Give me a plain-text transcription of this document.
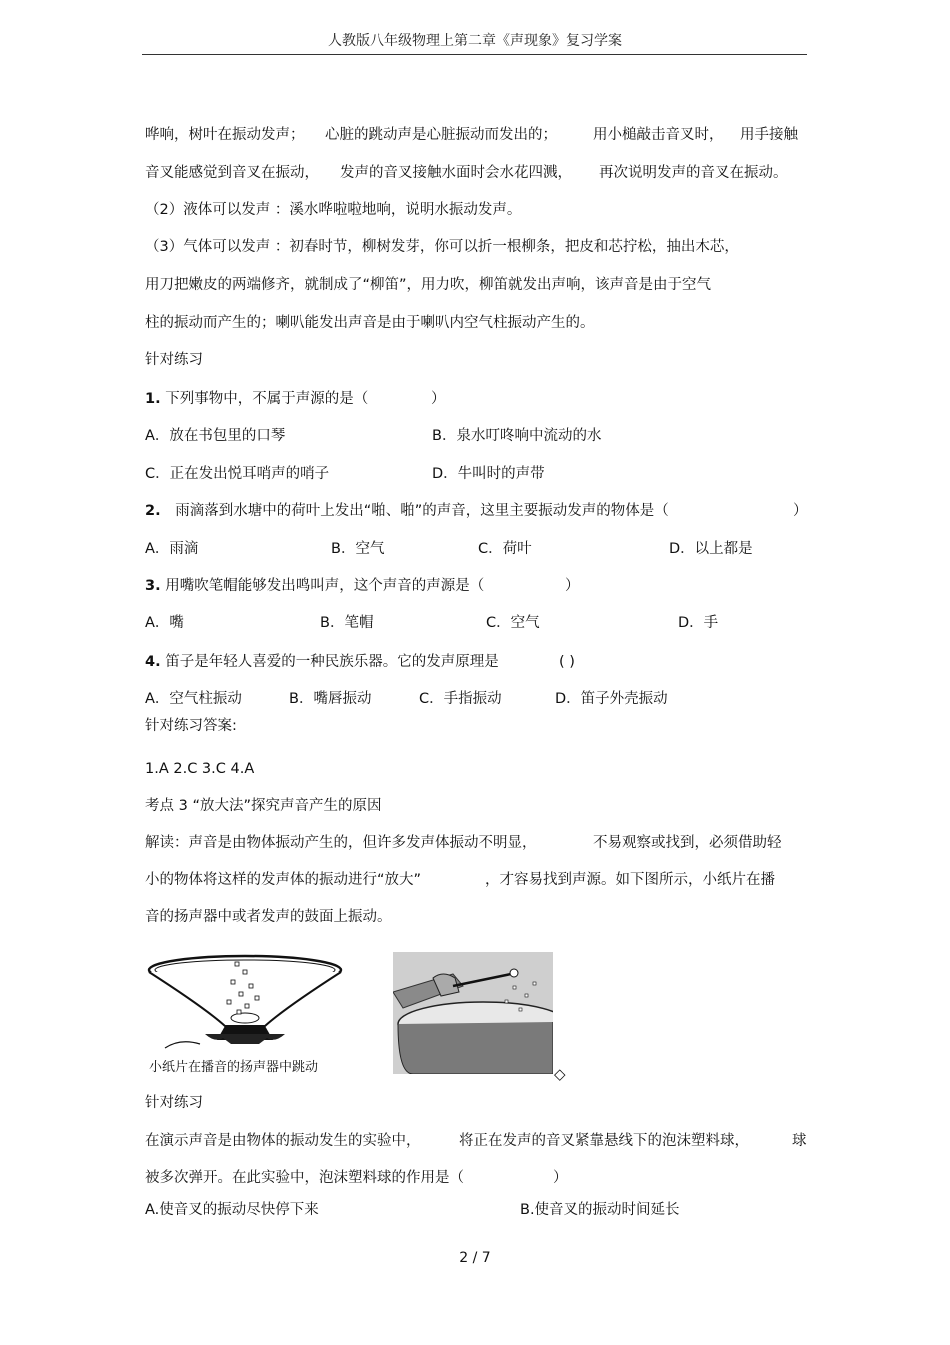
人教版八年级物理上第二章《声现象》复习学案
哗响，树叶在振动发声； 心脏的跳动声是心脏振动而发出的； 用小槌敲击音叉时， 用手接触
音叉能感觉到音叉在振动， 发声的音叉接触水面时会水花四溅， 再次说明发声的音叉在振动。
（2）液体可以发声 ：溪水哗啦啦地响，说明水振动发声。
（3）气体可以发声 ：初春时节，柳树发芽，你可以折一根柳条，把皮和芯拧松，抽出木芯，
用刀把嫩皮的两端修齐，就制成了“柳笛”，用力吹，柳笛就发出声响，该声音是由于空气
柱的振动而产生的；喇叭能发出声音是由于喇叭内空气柱振动产生的。
针对练习
1. 下列事物中，不属于声源的是（	）
A．放在书包里的口琴	B．泉水叮咚响中流动的水
C．正在发出悦耳哨声的哨子	D．牛叫时的声带
2. 雨滴落到水塘中的荷叶上发出“啪、啪”的声音，这里主要振动发声的物体是（	）
A．雨滴	B．空气	C．荷叶	D．以上都是
3. 用嘴吹笔帽能够发出鸣叫声，这个声音的声源是（	）
A．嘴	B．笔帽	C．空气	D．手
4. 笛子是年轻人喜爱的一种民族乐器。它的发声原理是	( )
A．空气柱振动	B．嘴唇振动	C．手指振动	D．笛子外壳振动
针对练习答案:
1.A 2.C 3.C 4.A
考点 3 “放大法”探究声音产生的原因
解读：声音是由物体振动产生的，但许多发声体振动不明显，	不易观察或找到，必须借助轻
小的物体将这样的发声体的振动进行“放大”	，才容易找到声源。如下图所示，小纸片在播
音的扬声器中或者发声的鼓面上振动。
小纸片在播音的扬声器中跳动	◇
针对练习
在演示声音是由物体的振动发生的实验中，	将正在发声的音叉紧靠悬线下的泡沫塑料球，	球
被多次弹开。在此实验中，泡沫塑料球的作用是（	）
A.使音叉的振动尽快停下来	B.使音叉的振动时间延长
2 / 7
